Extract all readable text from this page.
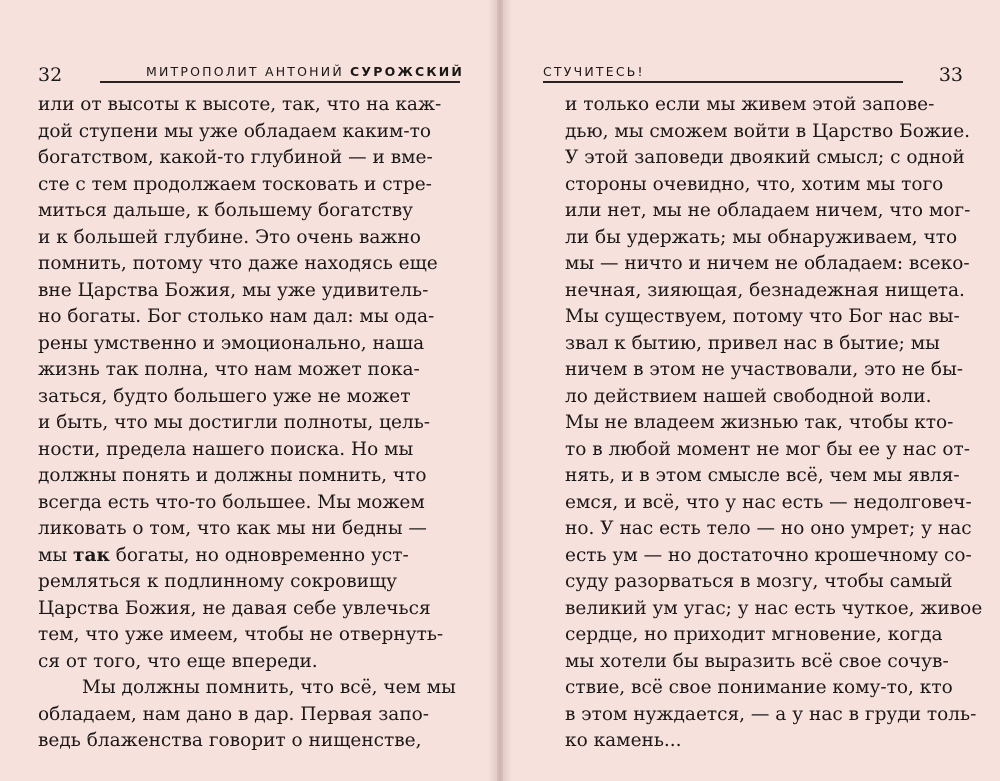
32	МИТРОПОЛИТ АНТОНИЙ СУРОЖСКИЙ
или от высоты к высоте, так, что на каж-
дой ступени мы уже обладаем каким-то
богатством, какой-то глубиной — и вме-
сте с тем продолжаем тосковать и стре-
миться дальше, к большему богатству
и к большей глубине. Это очень важно
помнить, потому что даже находясь еще
вне Царства Божия, мы уже удивитель-
но богаты. Бог столько нам дал: мы ода-
рены умственно и эмоционально, наша
жизнь так полна, что нам может пока-
заться, будто большего уже не может
и быть, что мы достигли полноты, цель-
ности, предела нашего поиска. Но мы
должны понять и должны помнить, что
всегда есть что-то большее. Мы можем
ликовать о том, что как мы ни бедны —
мы так богаты, но одновременно уст-
ремляться к подлинному сокровищу
Царства Божия, не давая себе увлечься
тем, что уже имеем, чтобы не отвернуть-
ся от того, что еще впереди.
Мы должны помнить, что всё, чем мы
обладаем, нам дано в дар. Первая запо-
ведь блаженства говорит о нищенстве,
СТУЧИТЕСЬ!	33
и только если мы живем этой запове-
дью, мы сможем войти в Царство Божие.
У этой заповеди двоякий смысл; с одной
стороны очевидно, что, хотим мы того
или нет, мы не обладаем ничем, что мог-
ли бы удержать; мы обнаруживаем, что
мы — ничто и ничем не обладаем: всеко-
нечная, зияющая, безнадежная нищета.
Мы существуем, потому что Бог нас вы-
звал к бытию, привел нас в бытие; мы
ничем в этом не участвовали, это не бы-
ло действием нашей свободной воли.
Мы не владеем жизнью так, чтобы кто-
то в любой момент не мог бы ее у нас от-
нять, и в этом смысле всё, чем мы явля-
емся, и всё, что у нас есть — недолговеч-
но. У нас есть тело — но оно умрет; у нас
есть ум — но достаточно крошечному со-
суду разорваться в мозгу, чтобы самый
великий ум угас; у нас есть чуткое, живое
сердце, но приходит мгновение, когда
мы хотели бы выразить всё свое сочув-
ствие, всё свое понимание кому-то, кто
в этом нуждается, — а у нас в груди толь-
ко камень...
